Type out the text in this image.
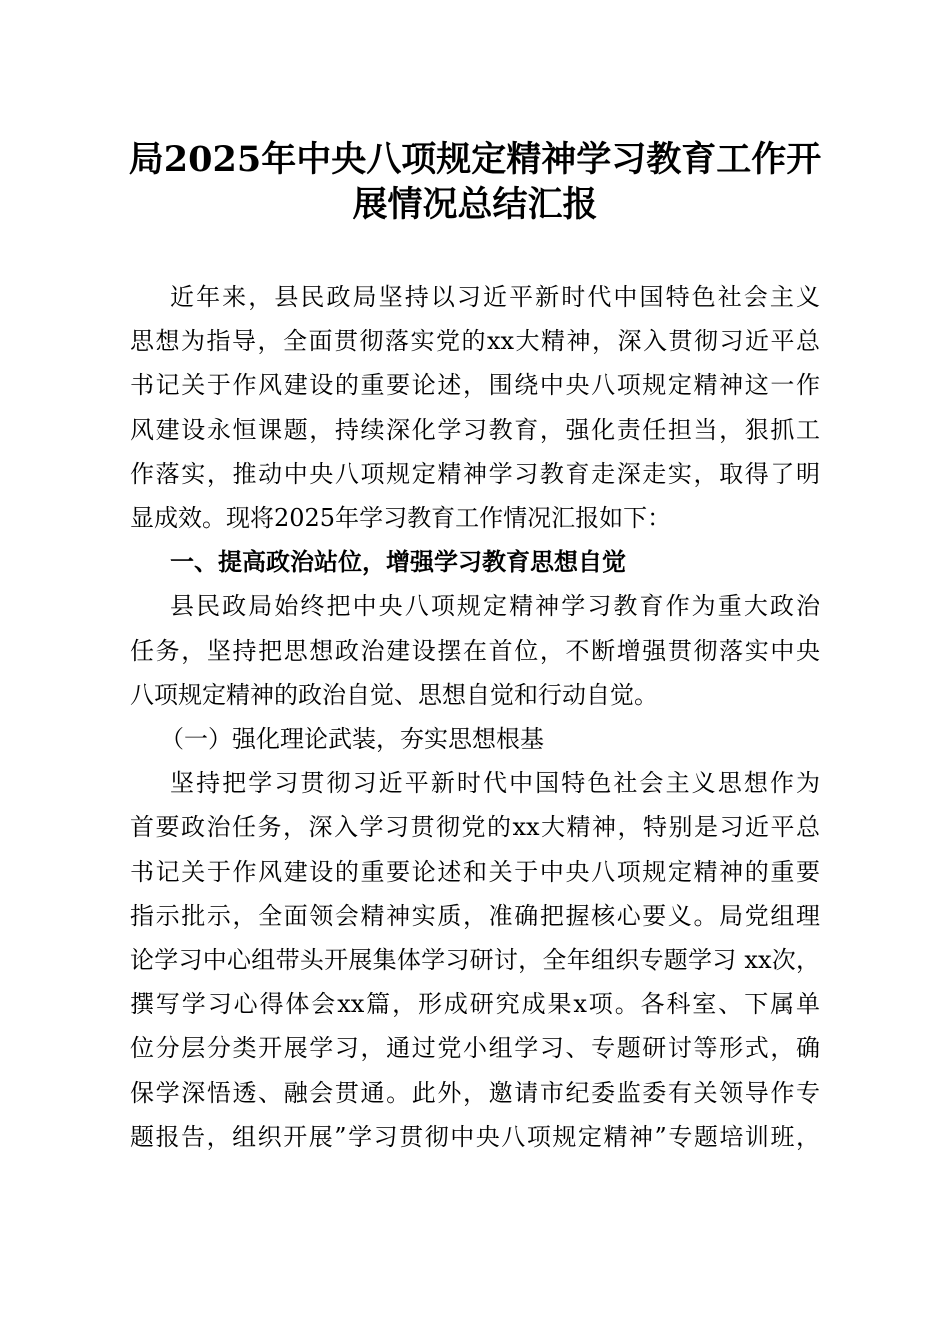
局2025年中央八项规定精神学习教育工作开
展情况总结汇报
近年来，县民政局坚持以习近平新时代中国特色社会主义
思想为指导，全面贯彻落实党的xx大精神，深入贯彻习近平总
书记关于作风建设的重要论述，围绕中央八项规定精神这一作
风建设永恒课题，持续深化学习教育，强化责任担当，狠抓工
作落实，推动中央八项规定精神学习教育走深走实，取得了明
显成效。现将2025年学习教育工作情况汇报如下：
一、提高政治站位，增强学习教育思想自觉
县民政局始终把中央八项规定精神学习教育作为重大政治
任务，坚持把思想政治建设摆在首位，不断增强贯彻落实中央
八项规定精神的政治自觉、思想自觉和行动自觉。
（一）强化理论武装，夯实思想根基
坚持把学习贯彻习近平新时代中国特色社会主义思想作为
首要政治任务，深入学习贯彻党的xx大精神，特别是习近平总
书记关于作风建设的重要论述和关于中央八项规定精神的重要
指示批示，全面领会精神实质，准确把握核心要义。局党组理
论学习中心组带头开展集体学习研讨，全年组织专题学习 xx次，
撰写学习心得体会xx篇，形成研究成果x项。各科室、下属单
位分层分类开展学习，通过党小组学习、专题研讨等形式，确
保学深悟透、融会贯通。此外，邀请市纪委监委有关领导作专
题报告，组织开展”学习贯彻中央八项规定精神”专题培训班，
